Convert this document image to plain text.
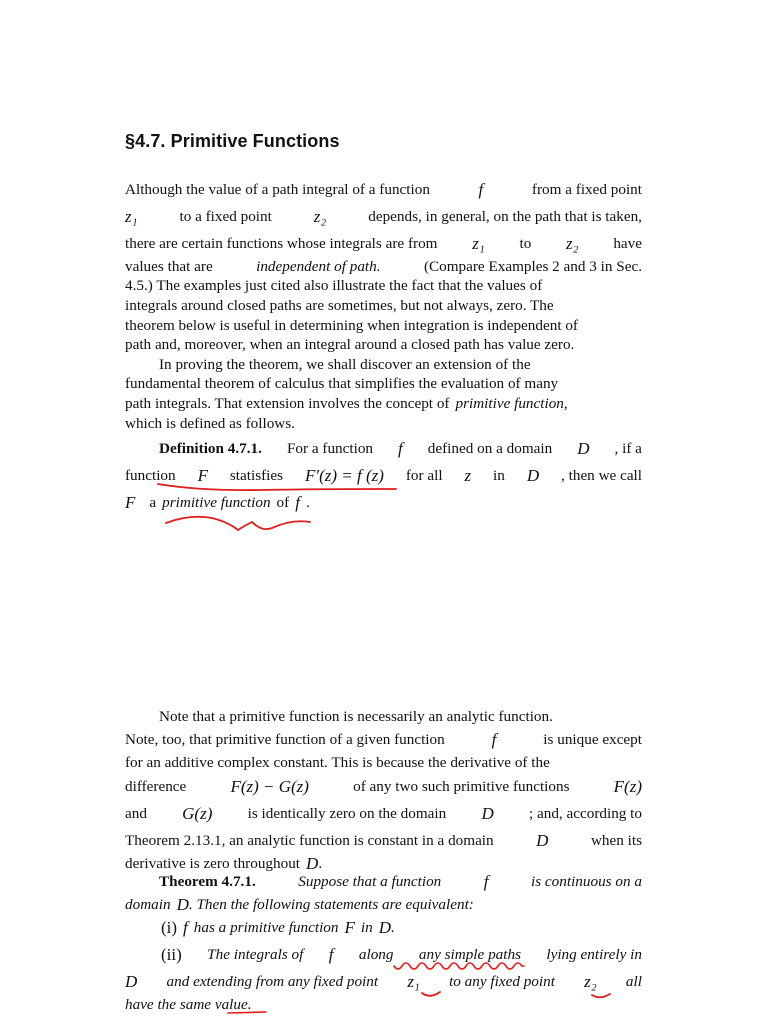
§4.7. Primitive Functions
Although the value of a path integral of a function	f	from a fixed point
z₁	to a fixed point z₂	depends, in general, on the path that is taken,
there are certain functions whose integrals are from z₁ to z₂ have
values that are	independent of path.	(Compare Examples 2 and 3 in Sec.
4.5.) The examples just cited also illustrate the fact that the values of
integrals around closed paths are sometimes, but not always, zero. The
theorem below is useful in determining when integration is independent of
path and, moreover, when an integral around a closed path has value zero.
In proving the theorem, we shall discover an extension of the
fundamental theorem of calculus that simplifies the evaluation of many
path integrals. That extension involves the concept of primitive function ,
which is defined as follows.
Definition 4.7.1. For a function f defined on a domain D , if a
function F statisfies F′(z) = f (z) for all z in D , then we call
F a primitive function of f .
Note that a primitive function is necessarily an analytic function.
Note, too, that primitive function of a given function	f	is unique except
for an additive complex constant. This is because the derivative of the
difference	F(z) − G(z)	of any two such primitive functions	F(z)
and G(z) is identically zero on the domain D ; and, according to
Theorem 2.13.1, an analytic function is constant in a domain	D	when its
derivative is zero throughout D .
Theorem 4.7.1.	Suppose that a function	f	is continuous on a
domain D . Then the following statements are equivalent:
(i) f has a primitive function F in D .
(ii) The integrals of f along any simple paths lying entirely in
D and extending from any fixed point z₁ to any fixed point z₂ all
have the same value.
